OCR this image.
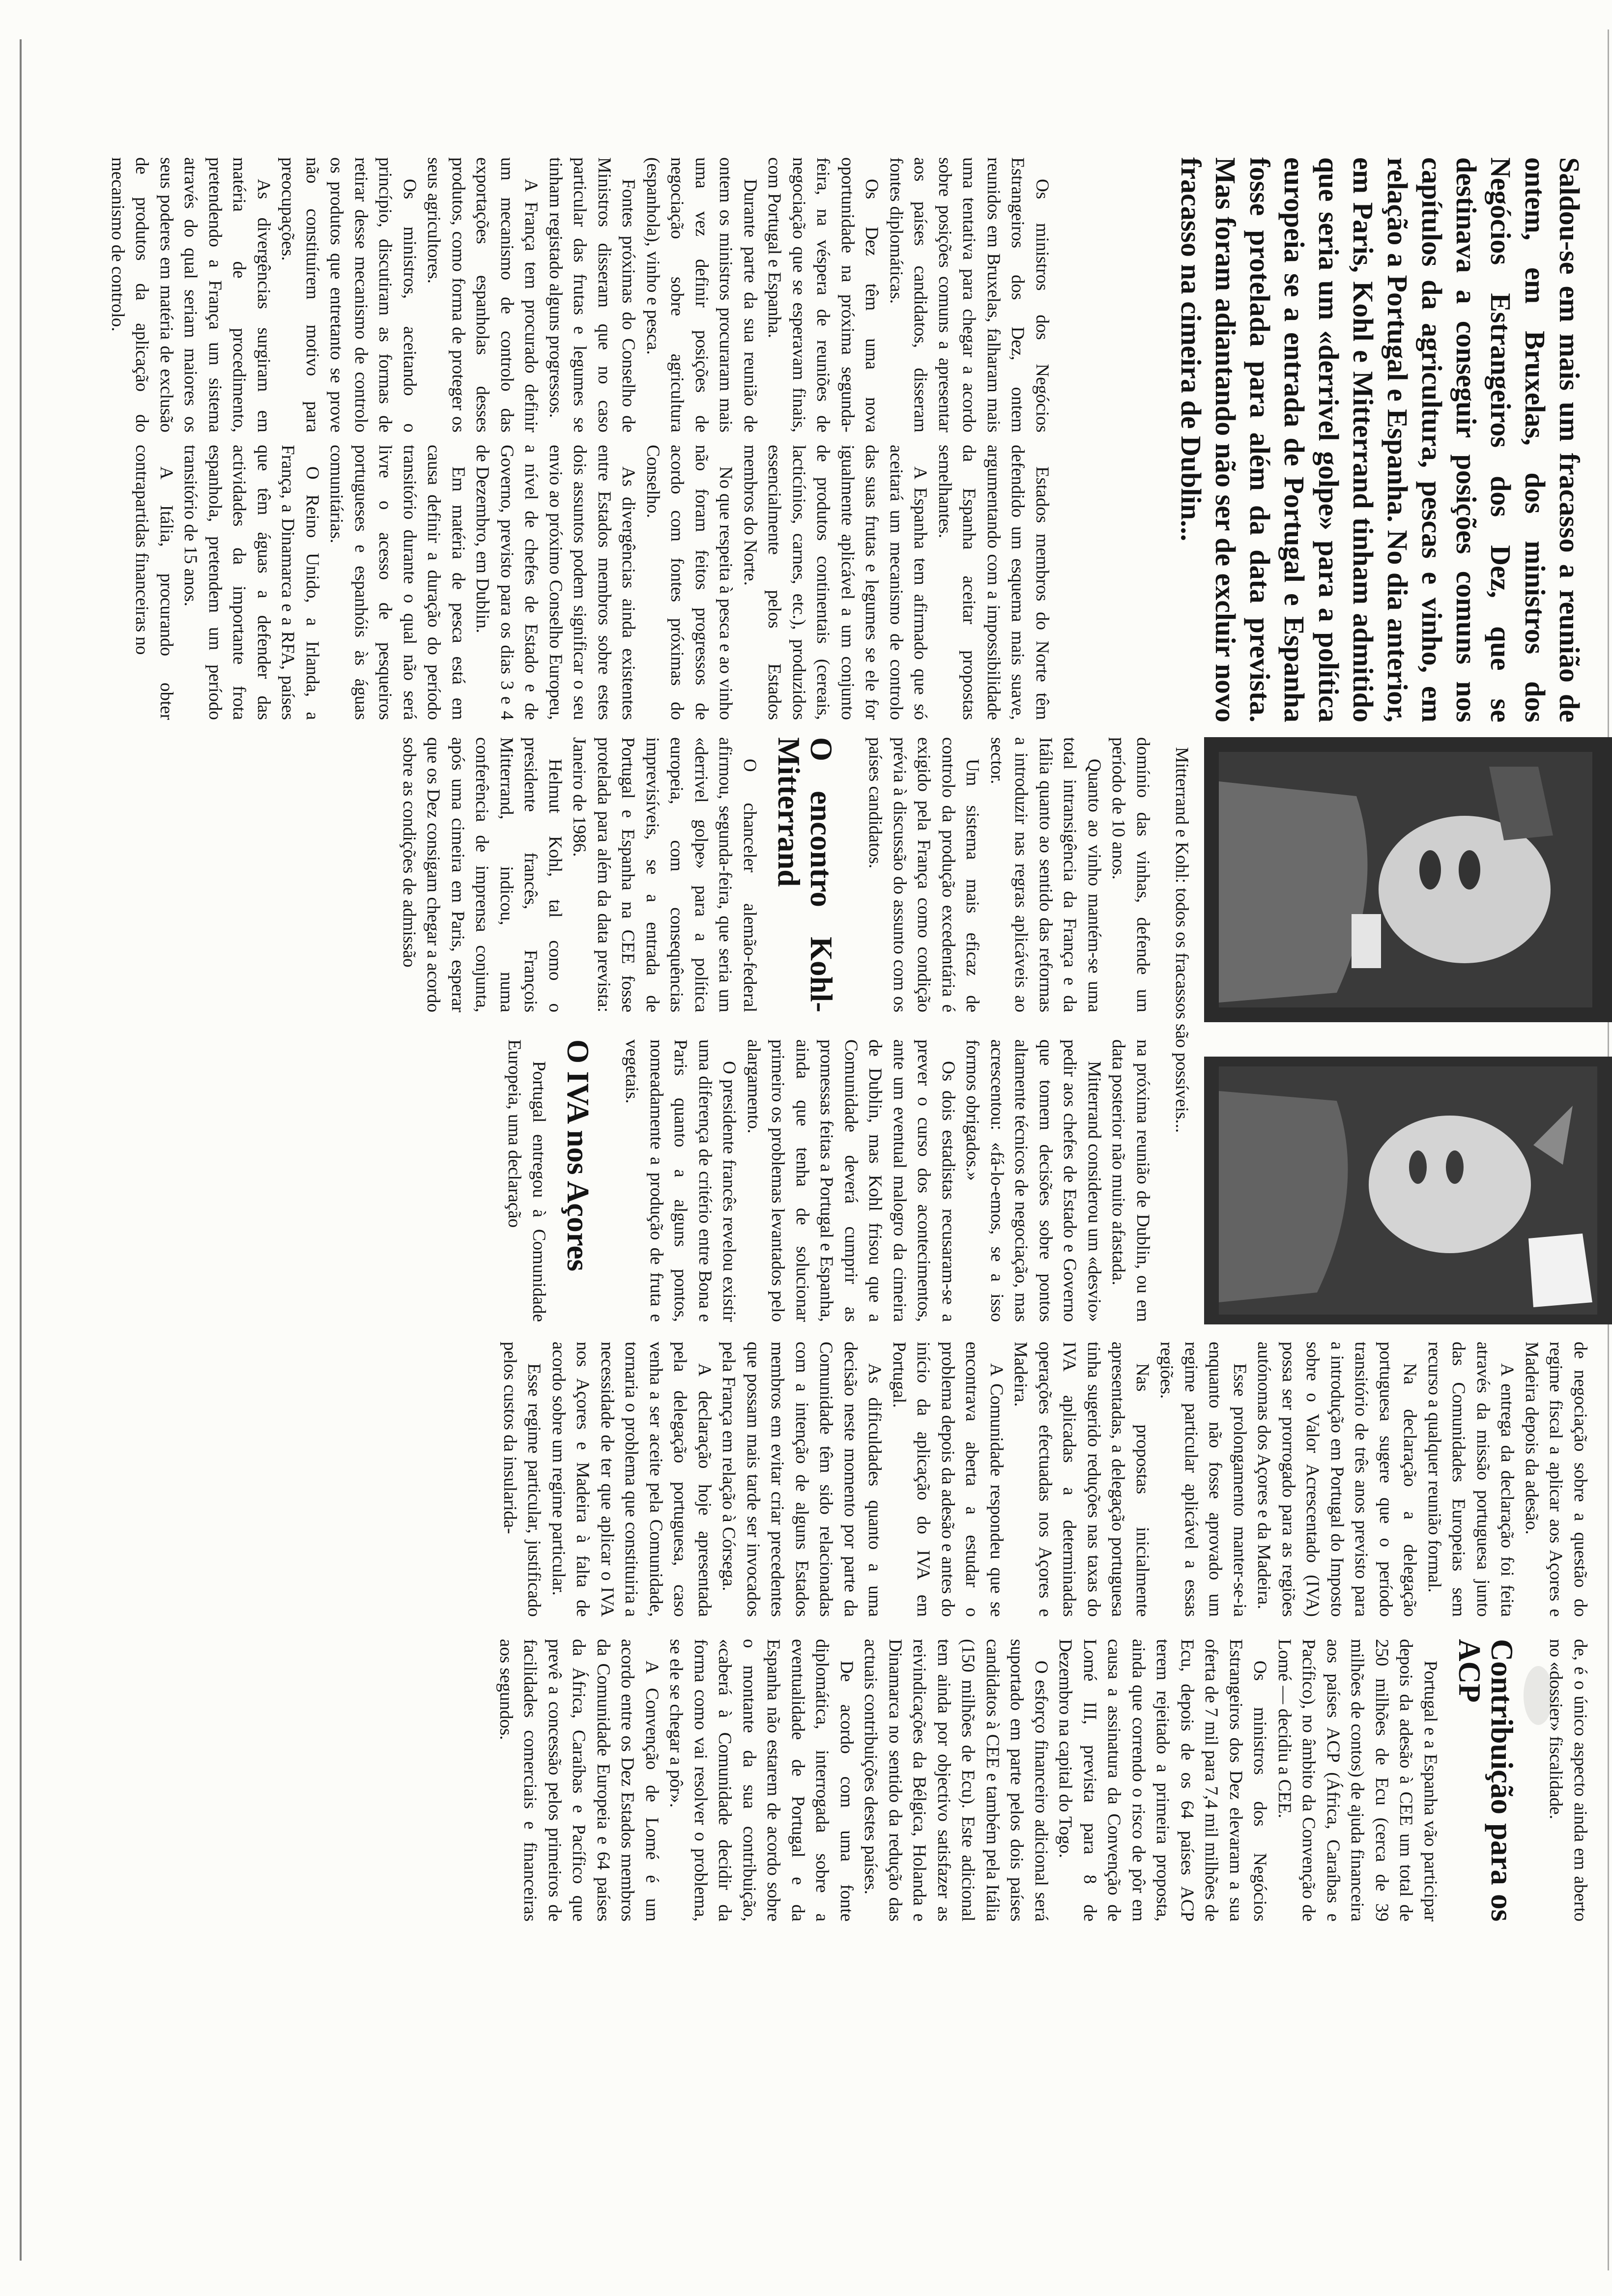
Saldou-se em mais um fracasso a reunião de ontem, em Bruxelas, dos ministros dos Negócios Estrangeiros dos Dez, que se destinava a conseguir posições comuns nos capítulos da agricultura, pescas e vinho, em relação a Portugal e Espanha. No dia anterior, em Paris, Kohl e Mitterrand tinham admitido que seria um «derrivel golpe» para a política europeia se a entrada de Portugal e Espanha fosse protelada para além da data prevista. Mas foram adiantando não ser de excluir novo fracasso na cimeira de Dublin...

Os ministros dos Negócios Estrangeiros dos Dez, ontem reunidos em Bruxelas, falharam mais uma tentativa para chegar a acordo sobre posições comuns a apresentar aos países candidatos, disseram fontes diplomáticas.

Os Dez têm uma nova oportunidade na próxima segunda-feira, na véspera de reuniões de negociação que se esperavam finais, com Portugal e Espanha.

Durante parte da sua reunião de ontem os ministros procuraram mais uma vez definir posições de negociação sobre agricultura (espanhola), vinho e pesca.

Fontes próximas do Conselho de Ministros disseram que no caso particular das frutas e legumes se tinham registado alguns progressos.

A França tem procurado definir um mecanismo de controlo das exportações espanholas desses produtos, como forma de proteger os seus agricultores.

Os ministros, aceitando o princípio, discutiram as formas de retirar desse mecanismo de controlo os produtos que entretanto se prove não constituírem motivo para preocupações.

As divergências surgiram em matéria de procedimento, pretendendo a França um sistema através do qual seriam maiores os seus poderes em matéria de exclusão de produtos da aplicação do mecanismo de controlo.

Estados membros do Norte têm defendido um esquema mais suave, argumentando com a impossibilidade da Espanha aceitar propostas semelhantes.

A Espanha tem afirmado que só aceitará um mecanismo de controlo das suas frutas e legumes se ele for igualmente aplicável a um conjunto de produtos continentais (cereais, lacticínios, carnes, etc.), produzidos essencialmente pelos Estados membros do Norte.

No que respeita à pesca e ao vinho não foram feitos progressos de acordo com fontes próximas do Conselho.

As divergências ainda existentes entre Estados membros sobre estes dois assuntos podem significar o seu envio ao próximo Conselho Europeu, a nível de chefes de Estado e de Governo, previsto para os dias 3 e 4 de Dezembro, em Dublin.

Em matéria de pesca está em causa definir a duração do período transitório durante o qual não será livre o acesso de pesqueiros portugueses e espanhóis às águas comunitárias.

O Reino Unido, a Irlanda, a França, a Dinamarca e a RFA, países que têm águas a defender das actividades da importante frota espanhola, pretendem um período transitório de 15 anos.

A Itália, procurando obter contrapartidas financeiras no

Mitterrand e Kohl: todos os fracassos são possíveis...

domínio das vinhas, defende um período de 10 anos.

Quanto ao vinho mantém-se uma total intransigência da França e da Itália quanto ao sentido das reformas a introduzir nas regras aplicáveis ao sector.

Um sistema mais eficaz de controlo da produção excedentária é exigido pela França como condição prévia à discussão do assunto com os países candidatos.

O encontro Kohl-Mitterrand

O chanceler alemão-federal afirmou, segunda-feira, que seria um «derrivel golpe» para a política europeia, com consequências imprevisíveis, se a entrada de Portugal e Espanha na CEE fosse protelada para além da data prevista: Janeiro de 1986.

Helmut Kohl, tal como o presidente francês, François Mitterrand, indicou, numa conferência de imprensa conjunta, após uma cimeira em Paris, esperar que os Dez consigam chegar a acordo sobre as condições de admissão

na próxima reunião de Dublin, ou em data posterior não muito afastada.

Mitterrand considerou um «desvio» pedir aos chefes de Estado e Governo que tomem decisões sobre pontos altamente técnicos de negociação, mas acrescentou: «fá-lo-emos, se a isso formos obrigados.»

Os dois estadistas recusaram-se a prever o curso dos acontecimentos, ante um eventual malogro da cimeira de Dublin, mas Kohl frisou que a Comunidade deverá cumprir as promessas feitas a Portugal e Espanha, ainda que tenha de solucionar primeiro os problemas levantados pelo alargamento.

O presidente francês revelou existir uma diferença de critério entre Bona e Paris quanto a alguns pontos, nomeadamente a produção de fruta e vegetais.

O IVA nos Açores

Portugal entregou à Comunidade Europeia, uma declaração

de negociação sobre a questão do regime fiscal a aplicar aos Açores e Madeira depois da adesão.

A entrega da declaração foi feita através da missão portuguesa junto das Comunidades Europeias sem recurso a qualquer reunião formal.

Na declaração a delegação portuguesa sugere que o período transitório de três anos previsto para a introdução em Portugal do Imposto sobre o Valor Acrescentado (IVA) possa ser prorrogado para as regiões autónomas dos Açores e da Madeira.

Esse prolongamento manter-se-ia enquanto não fosse aprovado um regime particular aplicável a essas regiões.

Nas propostas inicialmente apresentadas, a delegação portuguesa tinha sugerido reduções nas taxas do IVA aplicadas a determinadas operações efectuadas nos Açores e Madeira.

A Comunidade respondeu que se encontrava aberta a estudar o problema depois da adesão e antes do início da aplicação do IVA em Portugal.

As dificuldades quanto a uma decisão neste momento por parte da Comunidade têm sido relacionadas com a intenção de alguns Estados membros em evitar criar precedentes que possam mais tarde ser invocados pela França em relação à Córsega.

A declaração hoje apresentada pela delegação portuguesa, caso venha a ser aceite pela Comunidade, tornaria o problema que constituiria a necessidade de ter que aplicar o IVA nos Açores e Madeira à falta de acordo sobre um regime particular.

Esse regime particular, justificado pelos custos da insularida-

de, é o único aspecto ainda em aberto no «dossier» fiscalidade.

Contribuição para os ACP

Portugal e a Espanha vão participar depois da adesão à CEE um total de 250 milhões de Ecu (cerca de 39 milhões de contos) de ajuda financeira aos países ACP (África, Caraíbas e Pacífico), no âmbito da Convenção de Lomé — decidiu a CEE.

Os ministros dos Negócios Estrangeiros dos Dez elevaram a sua oferta de 7 mil para 7,4 mil milhões de Ecu, depois de os 64 países ACP terem rejeitado a primeira proposta, ainda que correndo o risco de pôr em causa a assinatura da Convenção de Lomé III, prevista para 8 de Dezembro na capital do Togo.

O esforço financeiro adicional será suportado em parte pelos dois países candidatos à CEE e também pela Itália (150 milhões de Ecu). Este adicional tem ainda por objectivo satisfazer as reivindicações da Bélgica, Holanda e Dinamarca no sentido da redução das actuais contribuições destes países.

De acordo com uma fonte diplomática, interrogada sobre a eventualidade de Portugal e da Espanha não estarem de acordo sobre o montante da sua contribuição, «caberá à Comunidade decidir da forma como vai resolver o problema, se ele se chegar a pôr».

A Convenção de Lomé é um acordo entre os Dez Estados membros da Comunidade Europeia e 64 países da África, Caraíbas e Pacífico que prevê a concessão pelos primeiros de facilidades comerciais e financeiras aos segundos.
